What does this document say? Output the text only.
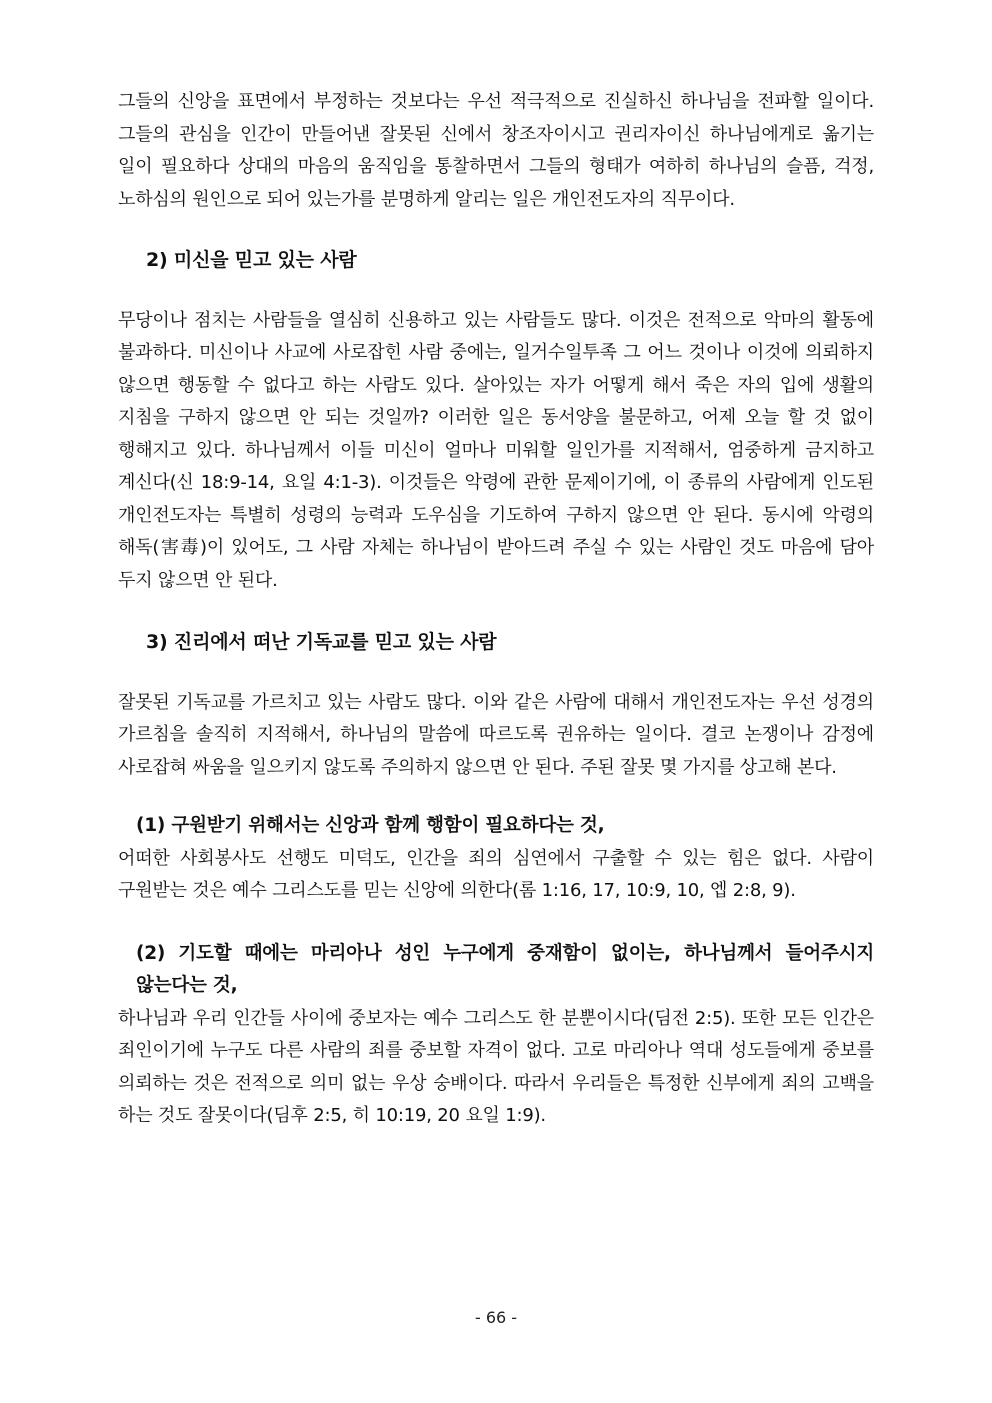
그들의 신앙을 표면에서 부정하는 것보다는 우선 적극적으로 진실하신 하나님을 전파할 일이다. 그들의 관심을 인간이 만들어낸 잘못된 신에서 창조자이시고 권리자이신 하나님에게로 옮기는 일이 필요하다 상대의 마음의 움직임을 통찰하면서 그들의 형태가 여하히 하나님의 슬픔, 걱정, 노하심의 원인으로 되어 있는가를 분명하게 알리는 일은 개인전도자의 직무이다.

2) 미신을 믿고 있는 사람

무당이나 점치는 사람들을 열심히 신용하고 있는 사람들도 많다. 이것은 전적으로 악마의 활동에 불과하다. 미신이나 사교에 사로잡힌 사람 중에는, 일거수일투족 그 어느 것이나 이것에 의뢰하지 않으면 행동할 수 없다고 하는 사람도 있다. 살아있는 자가 어떻게 해서 죽은 자의 입에 생활의 지침을 구하지 않으면 안 되는 것일까? 이러한 일은 동서양을 불문하고, 어제 오늘 할 것 없이 행해지고 있다. 하나님께서 이들 미신이 얼마나 미워할 일인가를 지적해서, 엄중하게 금지하고 계신다(신 18:9-14, 요일 4:1-3). 이것들은 악령에 관한 문제이기에, 이 종류의 사람에게 인도된 개인전도자는 특별히 성령의 능력과 도우심을 기도하여 구하지 않으면 안 된다. 동시에 악령의 해독(害毒)이 있어도, 그 사람 자체는 하나님이 받아드려 주실 수 있는 사람인 것도 마음에 담아 두지 않으면 안 된다.

3) 진리에서 떠난 기독교를 믿고 있는 사람

잘못된 기독교를 가르치고 있는 사람도 많다. 이와 같은 사람에 대해서 개인전도자는 우선 성경의 가르침을 솔직히 지적해서, 하나님의 말씀에 따르도록 권유하는 일이다. 결코 논쟁이나 감정에 사로잡혀 싸움을 일으키지 않도록 주의하지 않으면 안 된다. 주된 잘못 몇 가지를 상고해 본다.

(1) 구원받기 위해서는 신앙과 함께 행함이 필요하다는 것,

어떠한 사회봉사도 선행도 미덕도, 인간을 죄의 심연에서 구출할 수 있는 힘은 없다. 사람이 구원받는 것은 예수 그리스도를 믿는 신앙에 의한다(롬 1:16, 17, 10:9, 10, 엡 2:8, 9).

(2) 기도할 때에는 마리아나 성인 누구에게 중재함이 없이는, 하나님께서 들어주시지 않는다는 것,

하나님과 우리 인간들 사이에 중보자는 예수 그리스도 한 분뿐이시다(딤전 2:5). 또한 모든 인간은 죄인이기에 누구도 다른 사람의 죄를 중보할 자격이 없다. 고로 마리아나 역대 성도들에게 중보를 의뢰하는 것은 전적으로 의미 없는 우상 숭배이다. 따라서 우리들은 특정한 신부에게 죄의 고백을 하는 것도 잘못이다(딤후 2:5, 히 10:19, 20 요일 1:9).

- 66 -
